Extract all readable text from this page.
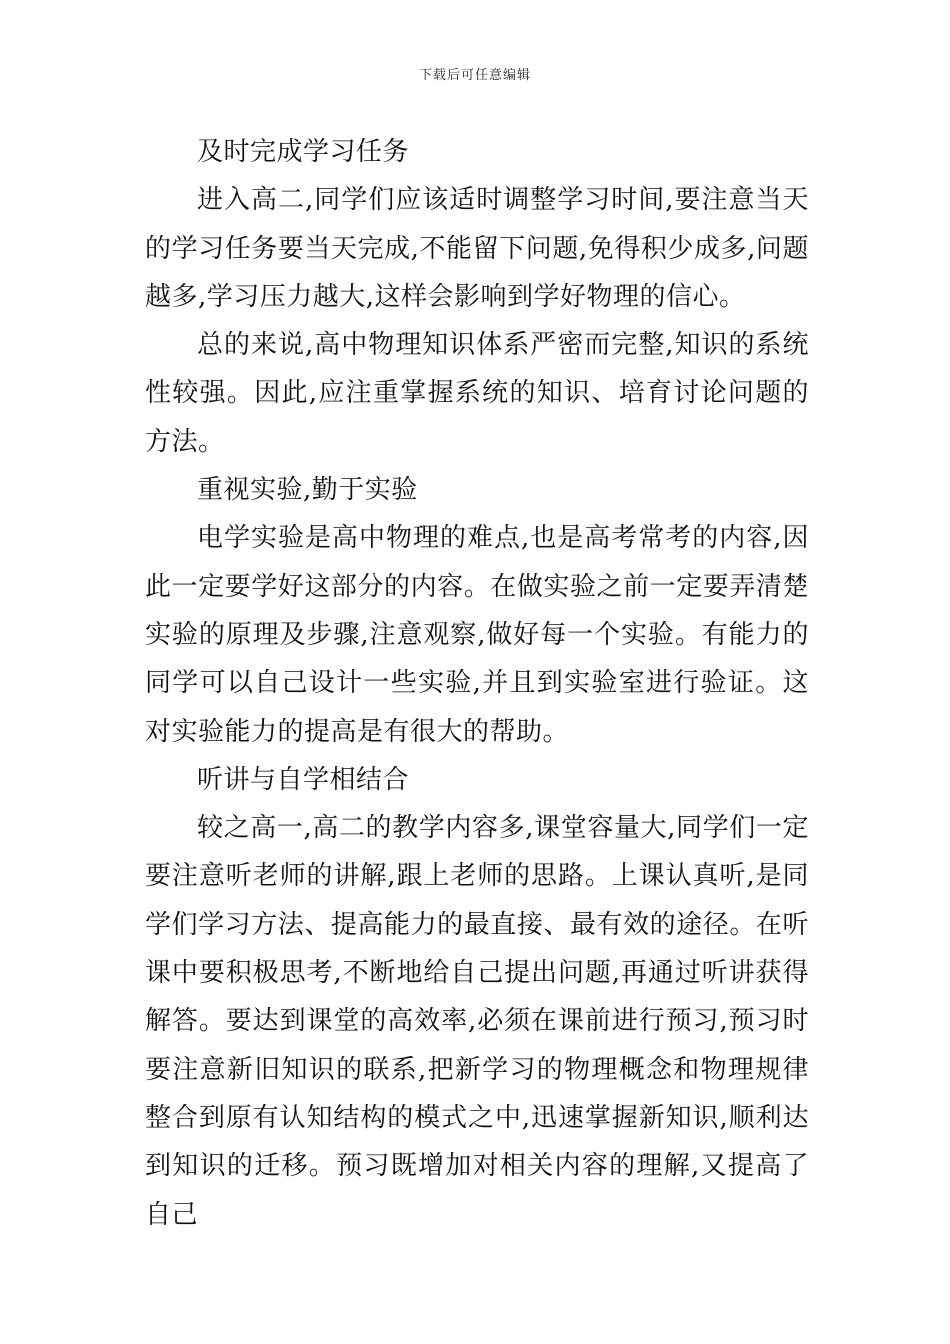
下载后可任意编辑

及时完成学习任务

进入高二,同学们应该适时调整学习时间,要注意当天的学习任务要当天完成,不能留下问题,免得积少成多,问题越多,学习压力越大,这样会影响到学好物理的信心。

总的来说,高中物理知识体系严密而完整,知识的系统性较强。因此,应注重掌握系统的知识、培育讨论问题的方法。

重视实验,勤于实验

电学实验是高中物理的难点,也是高考常考的内容,因此一定要学好这部分的内容。在做实验之前一定要弄清楚实验的原理及步骤,注意观察,做好每一个实验。有能力的同学可以自己设计一些实验,并且到实验室进行验证。这对实验能力的提高是有很大的帮助。

听讲与自学相结合

较之高一,高二的教学内容多,课堂容量大,同学们一定要注意听老师的讲解,跟上老师的思路。上课认真听,是同学们学习方法、提高能力的最直接、最有效的途径。在听课中要积极思考,不断地给自己提出问题,再通过听讲获得解答。要达到课堂的高效率,必须在课前进行预习,预习时要注意新旧知识的联系,把新学习的物理概念和物理规律整合到原有认知结构的模式之中,迅速掌握新知识,顺利达到知识的迁移。预习既增加对相关内容的理解,又提高了自己
